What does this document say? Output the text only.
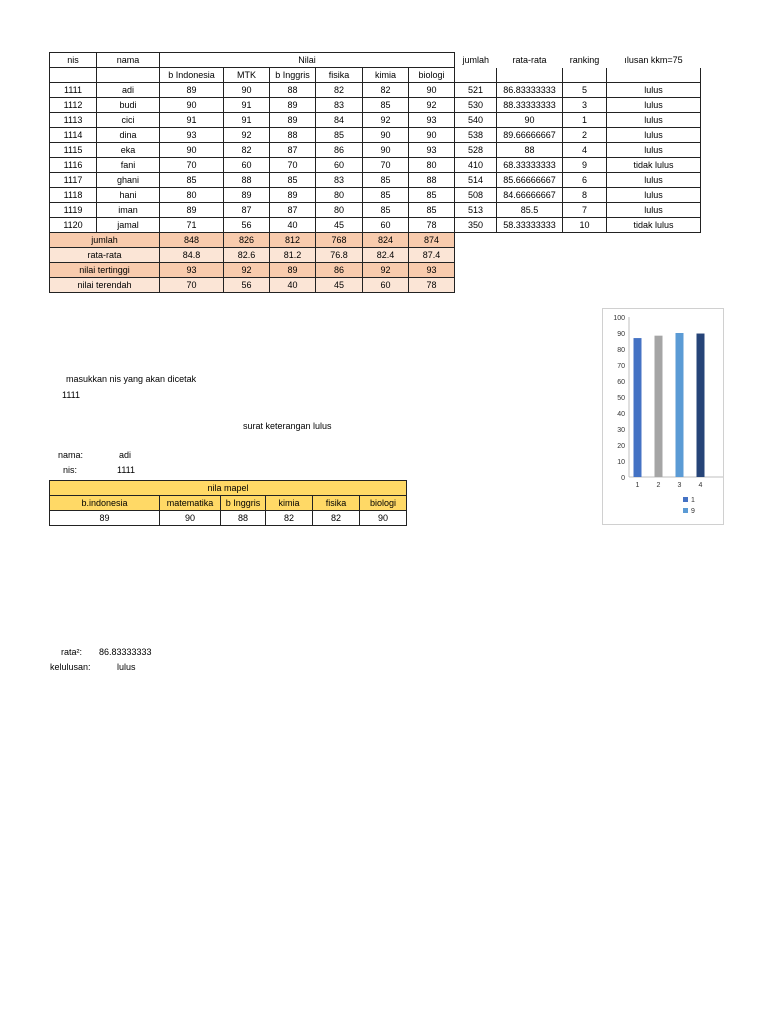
nis	nama	Nilai						jumlah	rata-rata	ranking	ılusan kkm=75
		b Indonesia	MTK	b Inggris	fisika	kimia	biologi				
1111	adi	89	90	88	82	82	90	521	86.83333333	5	lulus
1112	budi	90	91	89	83	85	92	530	88.33333333	3	lulus
1113	cici	91	91	89	84	92	93	540	90	1	lulus
1114	dina	93	92	88	85	90	90	538	89.66666667	2	lulus
1115	eka	90	82	87	86	90	93	528	88	4	lulus
1116	fani	70	60	70	60	70	80	410	68.33333333	9	tidak lulus
1117	ghani	85	88	85	83	85	88	514	85.66666667	6	lulus
1118	hani	80	89	89	80	85	85	508	84.66666667	8	lulus
1119	iman	89	87	87	80	85	85	513	85.5	7	lulus
1120	jamal	71	56	40	45	60	78	350	58.33333333	10	tidak lulus
jumlah		848	826	812	768	824	874				
rata-rata		84.8	82.6	81.2	76.8	82.4	87.4				
nilai tertinggi		93	92	89	86	92	93				
nilai terendah		70	56	40	45	60	78				
masukkan nis yang akan dicetak
1111
surat keterangan lulus
nama:	adi
nis:	1111
nila mapel					
b.indonesia	matematika	b Inggris	kimia	fisika	biologi
89	90	88	82	82	90
rata²: 86.83333333
kelulusan:	lulus
0
10
20
30
40
50
60
70
80
90
100
1 2 3 4
1
9
